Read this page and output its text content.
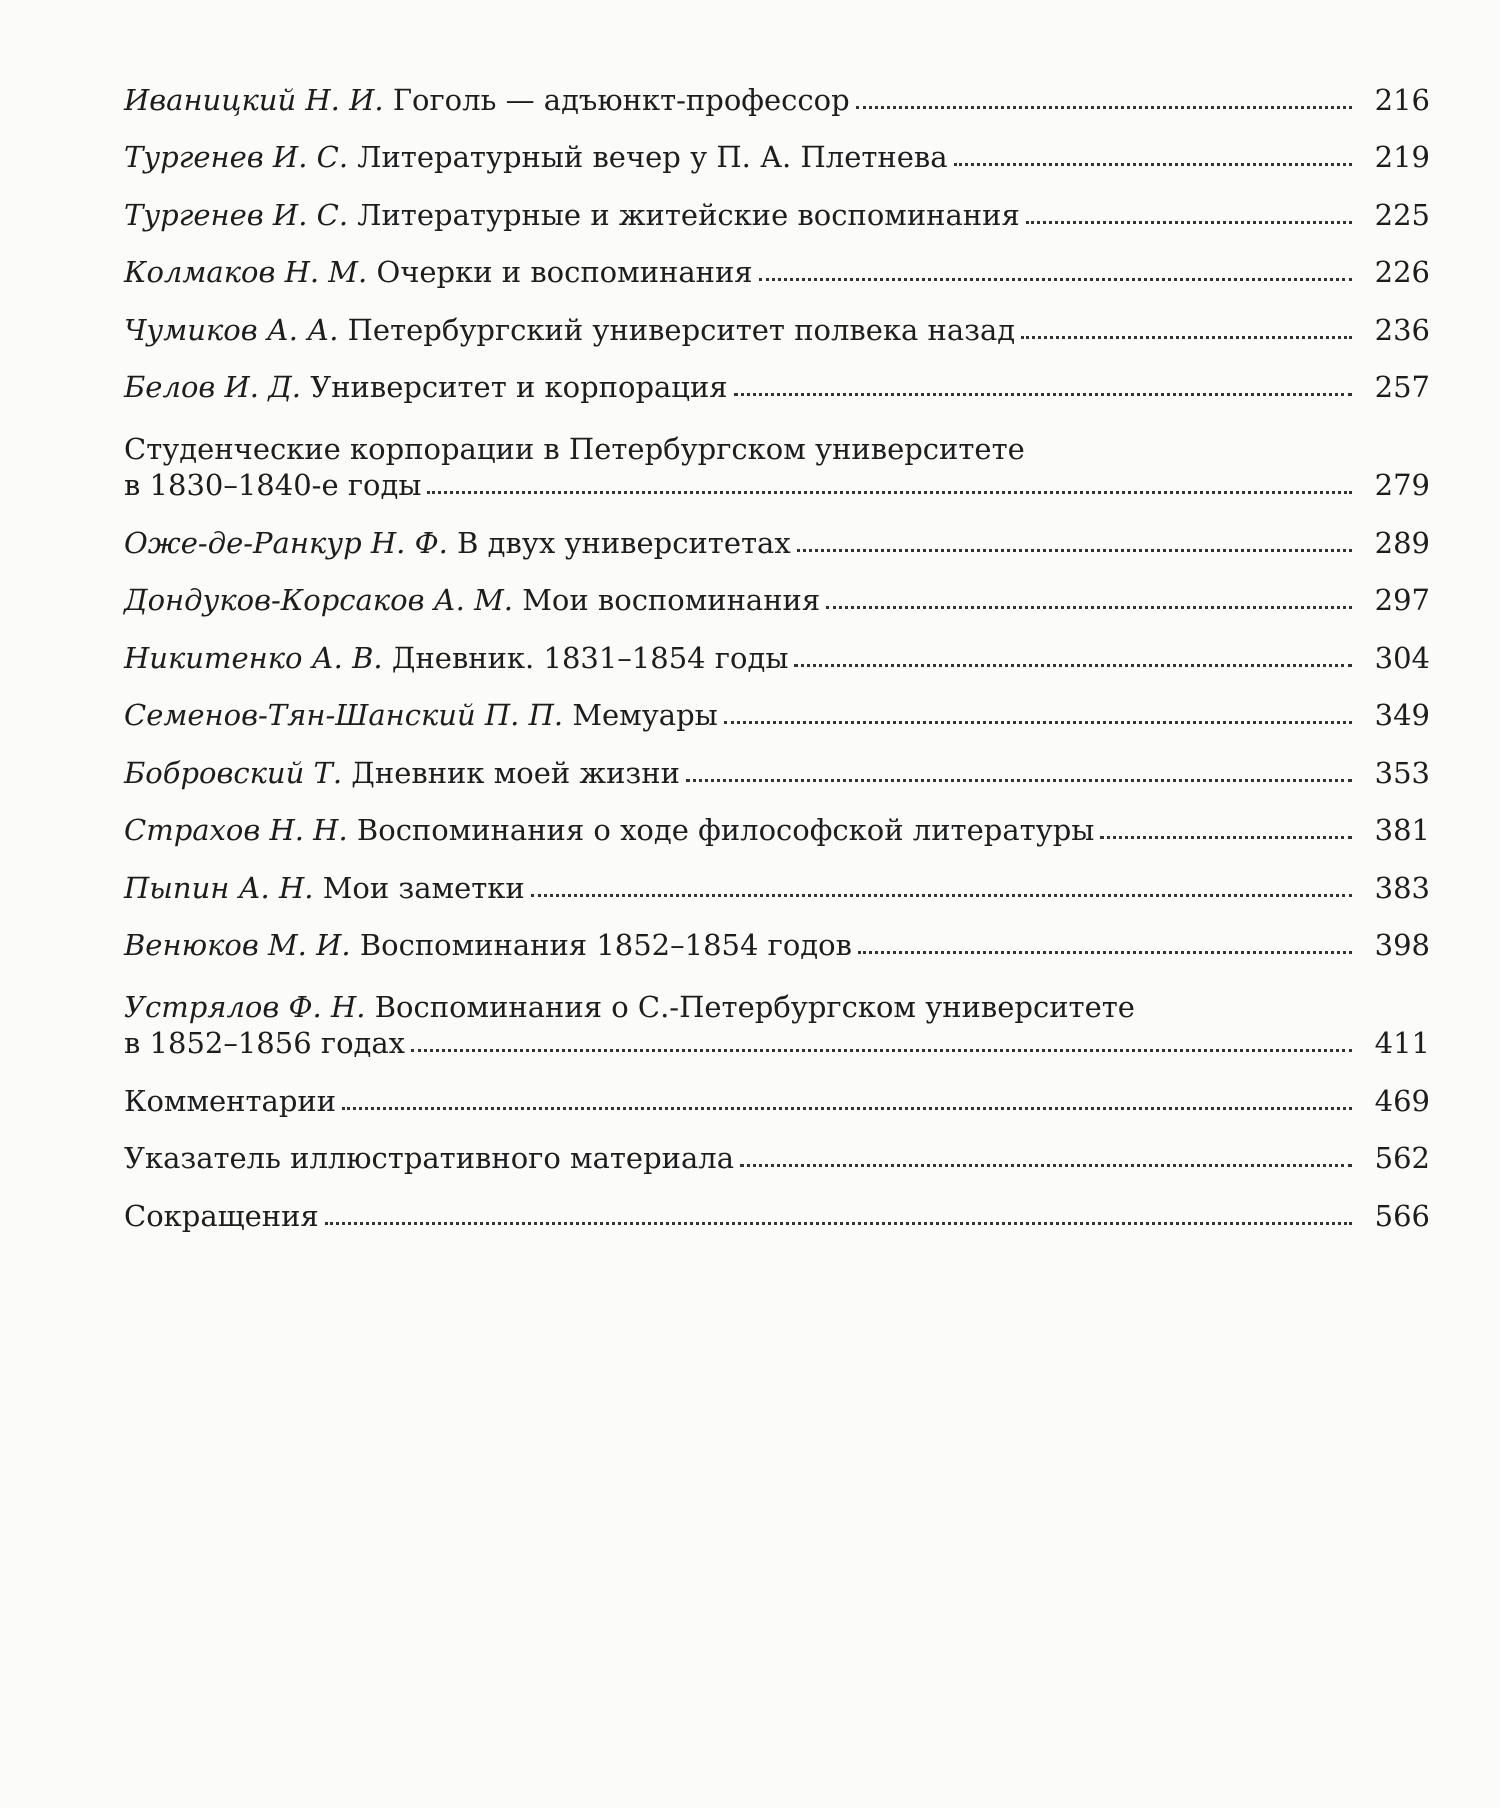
Иваницкий Н. И. Гоголь — адъюнкт-профессор	216
Тургенев И. С. Литературный вечер у П. А. Плетнева	219
Тургенев И. С. Литературные и житейские воспоминания	225
Колмаков Н. М. Очерки и воспоминания	226
Чумиков А. А. Петербургский университет полвека назад	236
Белов И. Д. Университет и корпорация	257
Студенческие корпорации в Петербургском университете
в 1830–1840-е годы	279
Оже-де-Ранкур Н. Ф. В двух университетах	289
Дондуков-Корсаков А. М. Мои воспоминания	297
Никитенко А. В. Дневник. 1831–1854 годы	304
Семенов-Тян-Шанский П. П. Мемуары	349
Бобровский Т. Дневник моей жизни	353
Страхов Н. Н. Воспоминания о ходе философской литературы	381
Пыпин А. Н. Мои заметки	383
Венюков М. И. Воспоминания 1852–1854 годов	398
Устрялов Ф. Н. Воспоминания о С.-Петербургском университете
в 1852–1856 годах	411
Комментарии	469
Указатель иллюстративного материала	562
Сокращения	566
